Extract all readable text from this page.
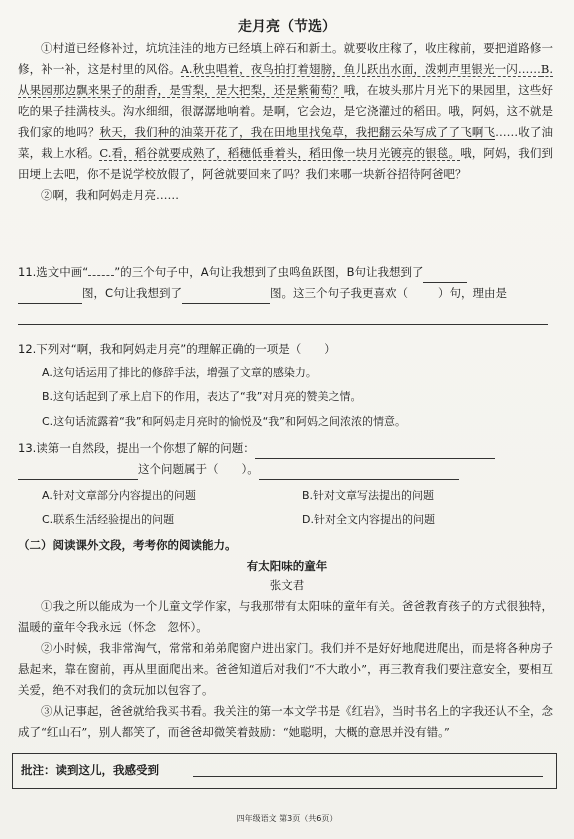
走月亮（节选）

①村道已经修补过，坑坑洼洼的地方已经填上碎石和新土。就要收庄稼了，收庄稼前，要把道路修一修，补一补，这是村里的风俗。A.秋虫唱着，夜鸟拍打着翅膀，鱼儿跃出水面，泼刺声里银光一闪……B.从果园那边飘来果子的甜香，是雪梨，是大把梨，还是紫葡萄？哦，在坡头那片月光下的果园里，这些好吃的果子挂满枝头。沟水细细，很潺潺地响着。是啊，它会边，是它浇灌过的稻田。哦，阿妈，这不就是我们家的地吗？秋天，我们种的油菜开花了，我在田地里找兔草，我把翻云朵写成了了飞啊飞……收了油菜，栽上水稻。C.看，稻谷就要成熟了，稻穗低垂着头，稻田像一块月光镀亮的银毯。哦，阿妈，我们到田埂上去吧，你不是说学校放假了，阿爸就要回来了吗？我们来哪一块新谷招待阿爸吧？

②啊，我和阿妈走月亮……

11.选文中画“ ”的三个句子中，A句让我想到了虫鸣鱼跃图，B句让我想到了
图，C句让我想到了	图。这三个句子我更喜欢（	）句，理由是

12.下列对“啊，我和阿妈走月亮”的理解正确的一项是（　　）
A.这句话运用了排比的修辞手法，增强了文章的感染力。
B.这句话起到了承上启下的作用，表达了“我”对月亮的赞美之情。
C.这句话流露着“我”和阿妈走月亮时的愉悦及“我”和阿妈之间浓浓的情意。
13.读第一自然段，提出一个你想了解的问题：
这个问题属于（　　）。
A.针对文章部分内容提出的问题	B.针对文章写法提出的问题
C.联系生活经验提出的问题	D.针对全文内容提出的问题
（二）阅读课外文段，考考你的阅读能力。
有太阳味的童年
张文君

①我之所以能成为一个儿童文学作家，与我那带有太阳味的童年有关。爸爸教育孩子的方式很独特，温暖的童年令我永远（怀念　忽怀）。

②小时候，我非常淘气，常常和弟弟爬窗户进出家门。我们并不是好好地爬进爬出，而是将各种房子悬起来，靠在窗前，再从里面爬出来。爸爸知道后对我们“不大敢小”，再三教育我们要注意安全，要相互关爱，绝不对我们的贪玩加以包容了。

③从记事起，爸爸就给我买书看。我关注的第一本文学书是《红岩》，当时书名上的字我还认不全，念成了“红山石”，别人都笑了，而爸爸却微笑着鼓励：“她聪明，大概的意思并没有错。”

批注：读到这儿，我感受到
四年级语文 第3页（共6页）
